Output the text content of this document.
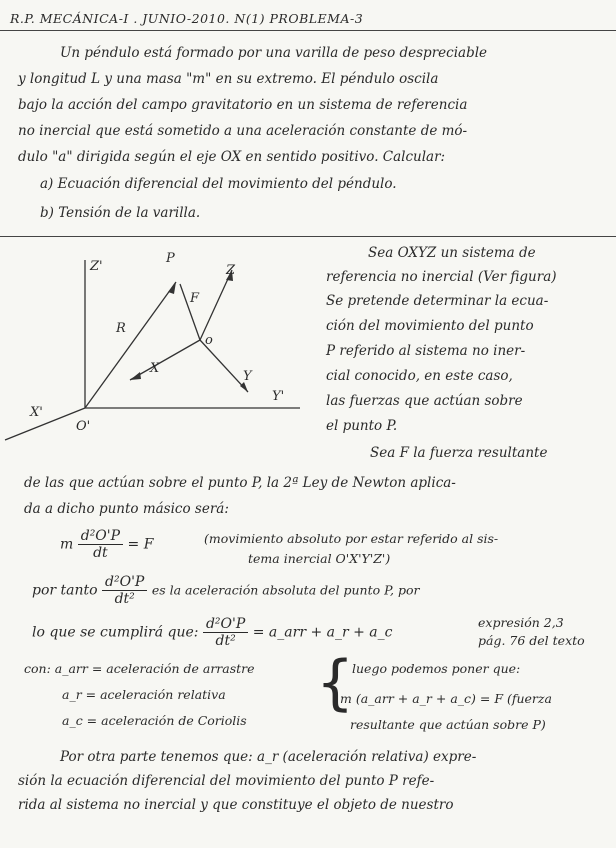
R.P. MECÁNICA-I . JUNIO-2010. N(1) PROBLEMA-3
Un péndulo está formado por una varilla de peso despreciable
y longitud L y una masa "m" en su extremo. El péndulo oscila
bajo la acción del campo gravitatorio en un sistema de referencia
no inercial que está sometido a una aceleración constante de mó-
dulo "a" dirigida según el eje OX en sentido positivo. Calcular:
a) Ecuación diferencial del movimiento del péndulo.
b) Tensión de la varilla.
Z'
P
Z
F
R
o
X
Y
Y'
X'
O'
Sea OXYZ un sistema de
referencia no inercial (Ver figura)
Se pretende determinar la ecua-
ción del movimiento del punto
P referido al sistema no iner-
cial conocido, en este caso,
las fuerzas que actúan sobre
el punto P.
Sea F la fuerza resultante
de las que actúan sobre el punto P, la 2ª Ley de Newton aplica-
da a dicho punto másico será:
m $\frac{\text{d²O'P}}{dt} = F$	(movimiento absoluto por estar referido al sis-
tema inercial O'X'Y'Z')
por tanto $\frac{\text{d²O'P}}{\text{dt²}}$ es la aceleración absoluta del punto P, por
lo que se cumplirá que: $\frac{\text{d²O'P}}{\text{dt²}}$ = a_arr + a_r + a_c
expresión 2,3
pág. 76 del texto
con: a_arr = aceleración de arrastre
a_r = aceleración relativa
a_c = aceleración de Coriolis
{
luego podemos poner que:
m (a_arr + a_r + a_c) = F (fuerza
resultante que actúan sobre P)
Por otra parte tenemos que: a_r (aceleración relativa) expre-
sión la ecuación diferencial del movimiento del punto P refe-
rida al sistema no inercial y que constituye el objeto de nuestro
